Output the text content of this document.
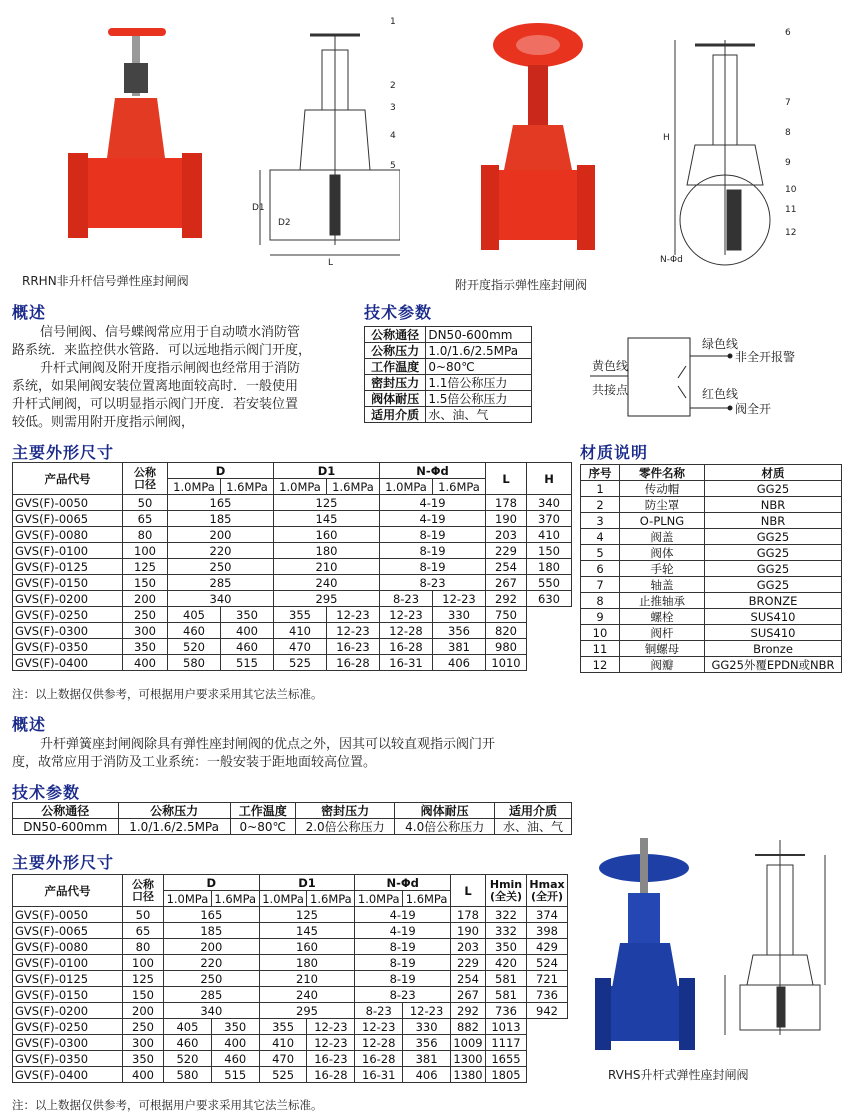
1
2
3
4
5
D1
D2
L
6
7
8
9
10
11
12
H
N-Φd
RRHN非升杆信号弹性座封闸阀	附开度指示弹性座封闸阀
概述
信号闸阀、信号蝶阀常应用于自动喷水消防管
路系统．来监控供水管路．可以远地指示阀门开度，
升杆式闸阀及附开度指示闸阀也经常用于消防
系统，如果闸阀安装位置离地面较高时．一般使用
升杆式闸阀，可以明显指示阀门开度．若安装位置
较低。则需用附开度指示闸阀，
技术参数
公称通径	DN50-600mm
公称压力	1.0/1.6/2.5MPa
工作温度	0~80℃
密封压力	1.1倍公称压力
阀体耐压	1.5倍公称压力
适用介质	水、油、气
绿色线
非全开报警
黄色线
共接点	红色线
阀全开
主要外形尺寸
产品代号	公称
口径	D		D1		N-Φd		L	H
		1.0MPa	1.6MPa	1.0MPa	1.6MPa	1.0MPa	1.6MPa		
GVS(F)-0050	50	165		125		4-19		178	340
GVS(F)-0065	65	185		145		4-19		190	370
GVS(F)-0080	80	200		160		8-19		203	410
GVS(F)-0100	100	220		180		8-19		229	150
GVS(F)-0125	125	250		210		8-19		254	180
GVS(F)-0150	150	285		240		8-23		267	550
GVS(F)-0200	200	340		295		8-23	12-23	292	630
GVS(F)-0250	250	405	350	355	12-23	12-23	330	750	
GVS(F)-0300	300	460	400	410	12-23	12-28	356	820	
GVS(F)-0350	350	520	460	470	16-23	16-28	381	980	
GVS(F)-0400	400	580	515	525	16-28	16-31	406	1010	
注：以上数据仅供参考，可根据用户要求采用其它法兰标准。
材质说明
序号	零件名称	材质
1	传动帽	GG25
2	防尘罩	NBR
3	O-PLNG	NBR
4	阀盖	GG25
5	阀体	GG25
6	手轮	GG25
7	轴盖	GG25
8	止推轴承	BRONZE
9	螺栓	SUS410
10	阀杆	SUS410
11	铜螺母	Bronze
12	阀瓣	GG25外覆EPDN或NBR
概述
升杆弹簧座封闸阀除具有弹性座封闸阀的优点之外，因其可以较直观指示阀门开
度，故常应用于消防及工业系统：一般安装于距地面较高位置。
技术参数
公称通径	公称压力	工作温度	密封压力	阀体耐压	适用介质
DN50-600mm	1.0/1.6/2.5MPa	0~80℃	2.0倍公称压力	4.0倍公称压力	水、油、气
主要外形尺寸
产品代号	公称
口径	D		D1		N-Φd		L	Hmin
(全关)	Hmax
(全开)
		1.0MPa	1.6MPa	1.0MPa	1.6MPa	1.0MPa	1.6MPa			
GVS(F)-0050	50	165		125		4-19		178	322	374
GVS(F)-0065	65	185		145		4-19		190	332	398
GVS(F)-0080	80	200		160		8-19		203	350	429
GVS(F)-0100	100	220		180		8-19		229	420	524
GVS(F)-0125	125	250		210		8-19		254	581	721
GVS(F)-0150	150	285		240		8-23		267	581	736
GVS(F)-0200	200	340		295		8-23	12-23	292	736	942
GVS(F)-0250	250	405	350	355	12-23	12-23	330	882	1013	
GVS(F)-0300	300	460	400	410	12-23	12-28	356	1009	1117	
GVS(F)-0350	350	520	460	470	16-23	16-28	381	1300	1655	
GVS(F)-0400	400	580	515	525	16-28	16-31	406	1380	1805	
注：以上数据仅供参考，可根据用户要求采用其它法兰标准。
RVHS升杆式弹性座封闸阀
